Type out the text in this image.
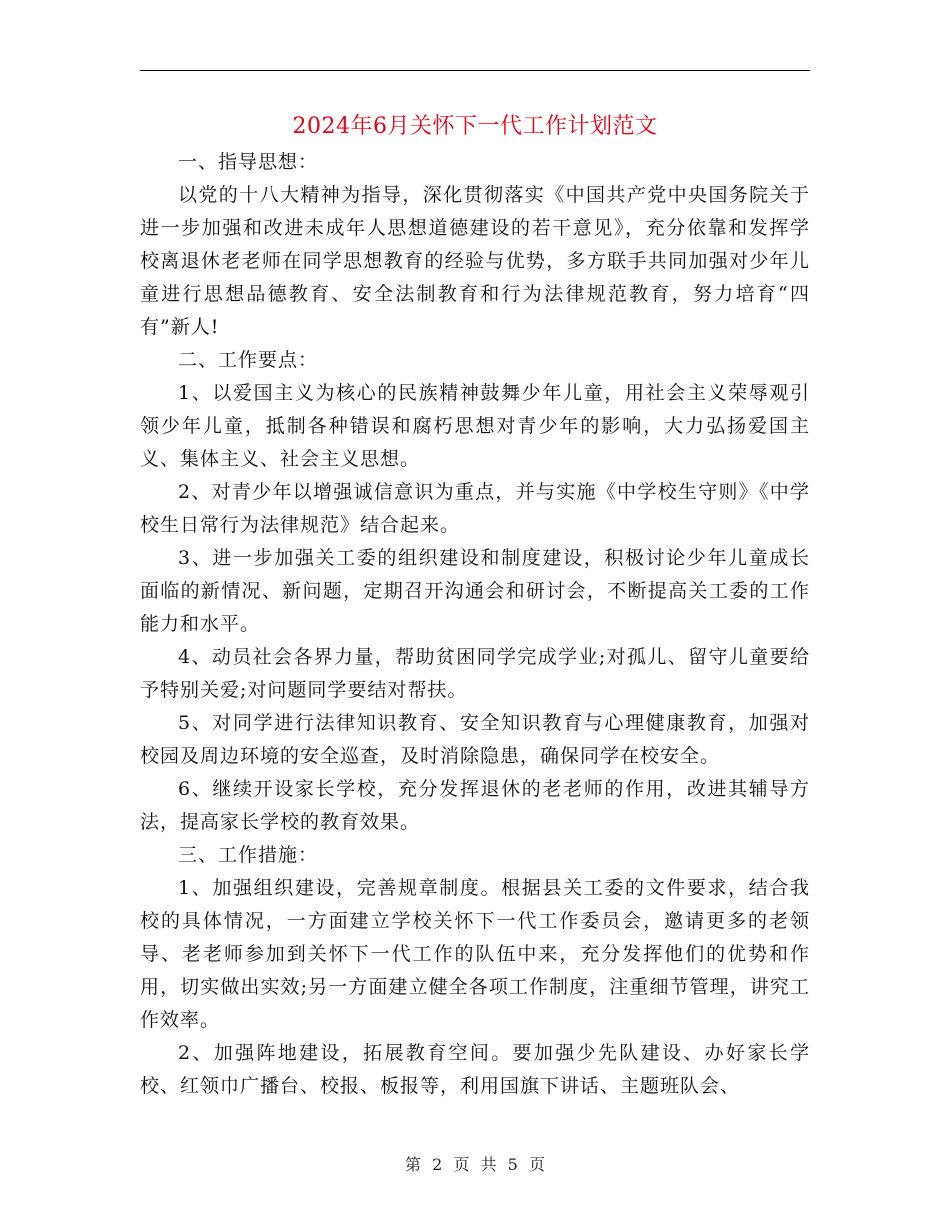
2024年6月关怀下一代工作计划范文

一、指导思想：

以党的十八大精神为指导，深化贯彻落实《中国共产党中央国务院关于进一步加强和改进未成年人思想道德建设的若干意见》，充分依靠和发挥学校离退休老老师在同学思想教育的经验与优势，多方联手共同加强对少年儿童进行思想品德教育、安全法制教育和行为法律规范教育，努力培育“四有”新人!

二、工作要点：

1、以爱国主义为核心的民族精神鼓舞少年儿童，用社会主义荣辱观引领少年儿童，抵制各种错误和腐朽思想对青少年的影响，大力弘扬爱国主义、集体主义、社会主义思想。

2、对青少年以增强诚信意识为重点，并与实施《中学校生守则》《中学校生日常行为法律规范》结合起来。

3、进一步加强关工委的组织建设和制度建设，积极讨论少年儿童成长面临的新情况、新问题，定期召开沟通会和研讨会，不断提高关工委的工作能力和水平。

4、动员社会各界力量，帮助贫困同学完成学业;对孤儿、留守儿童要给予特别关爱;对问题同学要结对帮扶。

5、对同学进行法律知识教育、安全知识教育与心理健康教育，加强对校园及周边环境的安全巡查，及时消除隐患，确保同学在校安全。

6、继续开设家长学校，充分发挥退休的老老师的作用，改进其辅导方法，提高家长学校的教育效果。

三、工作措施：

1、加强组织建设，完善规章制度。根据县关工委的文件要求，结合我校的具体情况，一方面建立学校关怀下一代工作委员会，邀请更多的老领导、老老师参加到关怀下一代工作的队伍中来，充分发挥他们的优势和作用，切实做出实效;另一方面建立健全各项工作制度，注重细节管理，讲究工作效率。

2、加强阵地建设，拓展教育空间。要加强少先队建设、办好家长学校、红领巾广播台、校报、板报等，利用国旗下讲话、主题班队会、

第 2 页 共 5 页
